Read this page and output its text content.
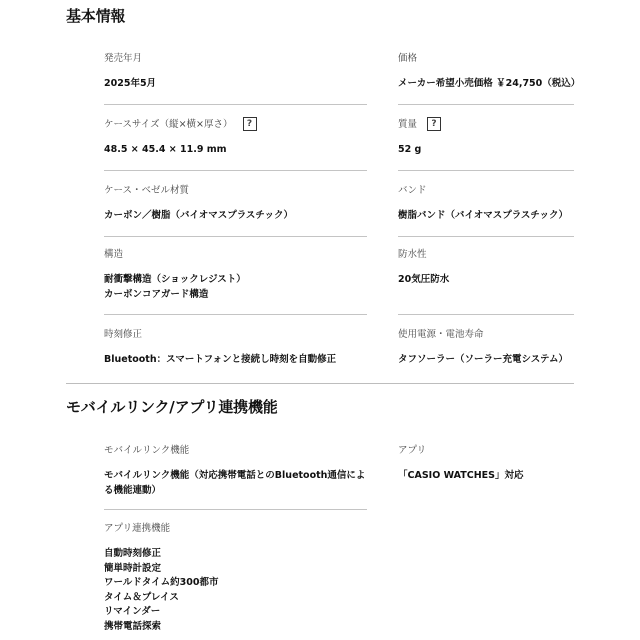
基本情報
発売年月
2025年5月
価格
メーカー希望小売価格 ￥24,750（税込）
ケースサイズ（縦×横×厚さ）	?
48.5 × 45.4 × 11.9 mm
質量	?
52 g
ケース・ベゼル材質
カーボン／樹脂（バイオマスプラスチック）
バンド
樹脂バンド（バイオマスプラスチック）
構造
耐衝撃構造（ショックレジスト）
カーボンコアガード構造
防水性
20気圧防水
時刻修正
Bluetooth：スマートフォンと接続し時刻を自動修正
使用電源・電池寿命
タフソーラー（ソーラー充電システム）
モバイルリンク/アプリ連携機能
モバイルリンク機能
モバイルリンク機能（対応携帯電話とのBluetooth通信による機能連動）
アプリ
「CASIO WATCHES」対応
アプリ連携機能
自動時刻修正
簡単時計設定
ワールドタイム約300都市
タイム＆プレイス
リマインダー
携帯電話探索
